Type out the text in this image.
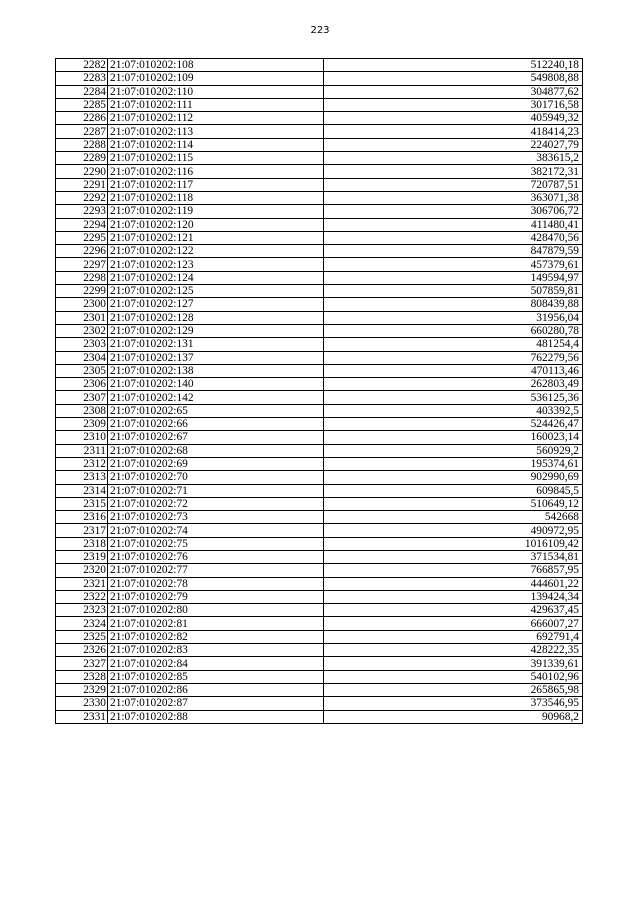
223
2282	21:07:010202:108	512240,18
2283	21:07:010202:109	549808,88
2284	21:07:010202:110	304877,62
2285	21:07:010202:111	301716,58
2286	21:07:010202:112	405949,32
2287	21:07:010202:113	418414,23
2288	21:07:010202:114	224027,79
2289	21:07:010202:115	383615,2
2290	21:07:010202:116	382172,31
2291	21:07:010202:117	720787,51
2292	21:07:010202:118	363071,38
2293	21:07:010202:119	306706,72
2294	21:07:010202:120	411480,41
2295	21:07:010202:121	428470,56
2296	21:07:010202:122	847879,59
2297	21:07:010202:123	457379,61
2298	21:07:010202:124	149594,97
2299	21:07:010202:125	507859,81
2300	21:07:010202:127	808439,88
2301	21:07:010202:128	31956,04
2302	21:07:010202:129	660280,78
2303	21:07:010202:131	481254,4
2304	21:07:010202:137	762279,56
2305	21:07:010202:138	470113,46
2306	21:07:010202:140	262803,49
2307	21:07:010202:142	536125,36
2308	21:07:010202:65	403392,5
2309	21:07:010202:66	524426,47
2310	21:07:010202:67	160023,14
2311	21:07:010202:68	560929,2
2312	21:07:010202:69	195374,61
2313	21:07:010202:70	902990,69
2314	21:07:010202:71	609845,5
2315	21:07:010202:72	510649,12
2316	21:07:010202:73	542668
2317	21:07:010202:74	490972,95
2318	21:07:010202:75	1016109,42
2319	21:07:010202:76	371534,81
2320	21:07:010202:77	766857,95
2321	21:07:010202:78	444601,22
2322	21:07:010202:79	139424,34
2323	21:07:010202:80	429637,45
2324	21:07:010202:81	666007,27
2325	21:07:010202:82	692791,4
2326	21:07:010202:83	428222,35
2327	21:07:010202:84	391339,61
2328	21:07:010202:85	540102,96
2329	21:07:010202:86	265865,98
2330	21:07:010202:87	373546,95
2331	21:07:010202:88	90968,2
